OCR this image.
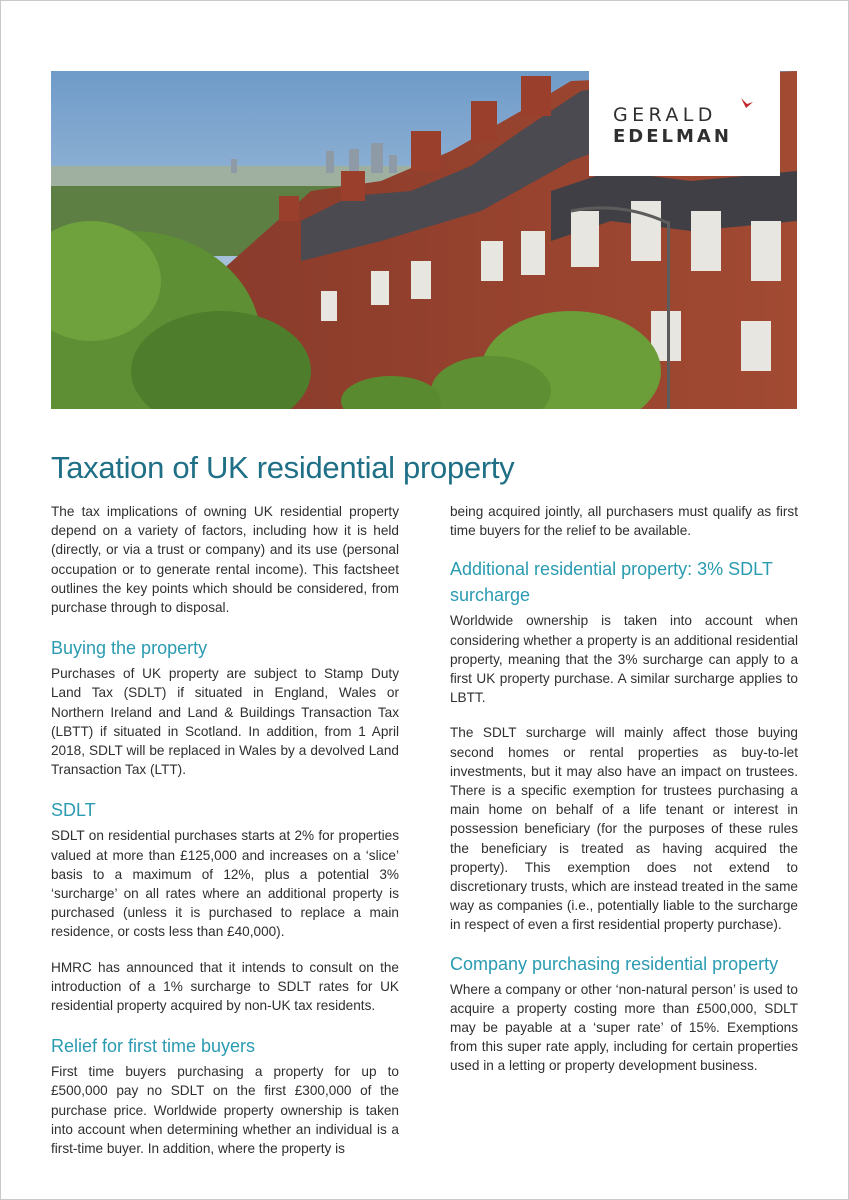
GERALD
EDELMAN
Taxation of UK residential property

The tax implications of owning UK residential property depend on a variety of factors, including how it is held (directly, or via a trust or company) and its use (personal occupation or to generate rental income). This factsheet outlines the key points which should be considered, from purchase through to disposal.

Buying the property

Purchases of UK property are subject to Stamp Duty Land Tax (SDLT) if situated in England, Wales or Northern Ireland and Land & Buildings Transaction Tax (LBTT) if situated in Scotland. In addition, from 1 April 2018, SDLT will be replaced in Wales by a devolved Land Transaction Tax (LTT).

SDLT

SDLT on residential purchases starts at 2% for properties valued at more than £125,000 and increases on a ‘slice’ basis to a maximum of 12%, plus a potential 3% ‘surcharge’ on all rates where an additional property is purchased (unless it is purchased to replace a main residence, or costs less than £40,000).

HMRC has announced that it intends to consult on the introduction of a 1% surcharge to SDLT rates for UK residential property acquired by non-UK tax residents.

Relief for first time buyers

First time buyers purchasing a property for up to £500,000 pay no SDLT on the first £300,000 of the purchase price. Worldwide property ownership is taken into account when determining whether an individual is a first-time buyer. In addition, where the property is

being acquired jointly, all purchasers must qualify as first time buyers for the relief to be available.

Additional residential property: 3% SDLT surcharge

Worldwide ownership is taken into account when considering whether a property is an additional residential property, meaning that the 3% surcharge can apply to a first UK property purchase. A similar surcharge applies to LBTT.

The SDLT surcharge will mainly affect those buying second homes or rental properties as buy-to-let investments, but it may also have an impact on trustees. There is a specific exemption for trustees purchasing a main home on behalf of a life tenant or interest in possession beneficiary (for the purposes of these rules the beneficiary is treated as having acquired the property). This exemption does not extend to discretionary trusts, which are instead treated in the same way as companies (i.e., potentially liable to the surcharge in respect of even a first residential property purchase).

Company purchasing residential property

Where a company or other ‘non-natural person’ is used to acquire a property costing more than £500,000, SDLT may be payable at a ‘super rate’ of 15%. Exemptions from this super rate apply, including for certain properties used in a letting or property development business.
